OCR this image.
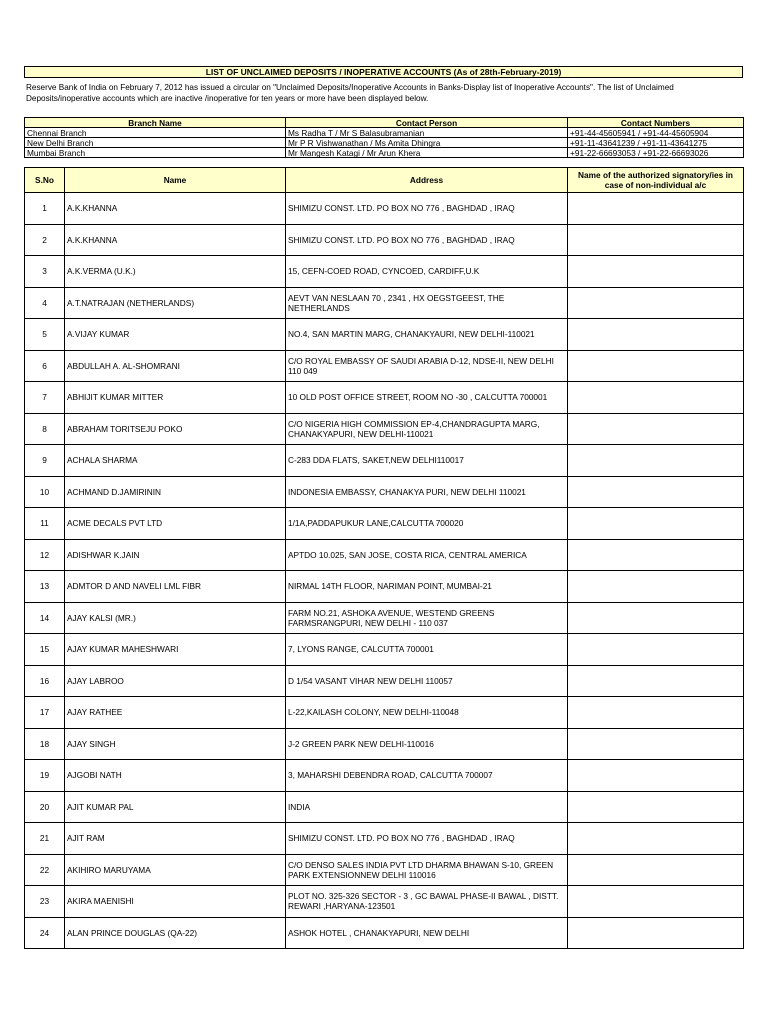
LIST OF UNCLAIMED DEPOSITS / INOPERATIVE ACCOUNTS (As of 28th-February-2019)
Reserve Bank of India on February 7, 2012 has issued a circular on "Unclaimed Deposits/Inoperative Accounts in Banks-Display list of Inoperative Accounts". The list of Unclaimed Deposits/inoperative accounts which are inactive /inoperative for ten years or more have been displayed below.
Branch Name	Contact Person	Contact Numbers
Chennai Branch	Ms Radha T / Mr S Balasubramanian	+91-44-45605941 / +91-44-45605904
New Delhi Branch	Mr P R Vishwanathan / Ms Amita Dhingra	+91-11-43641239 / +91-11-43641275
Mumbai Branch	Mr Mangesh Katagi / Mr Arun Khera	+91-22-66693053 / +91-22-66693026
S.No	Name	Address	Name of the authorized signatory/ies in case of non-individual a/c
1	A.K.KHANNA	SHIMIZU CONST. LTD. PO BOX NO 776 , BAGHDAD , IRAQ	
2	A.K.KHANNA	SHIMIZU CONST. LTD. PO BOX NO 776 , BAGHDAD , IRAQ	
3	A.K.VERMA (U.K.)	15, CEFN-COED ROAD, CYNCOED, CARDIFF,U.K	
4	A.T.NATRAJAN (NETHERLANDS)	AEVT VAN NESLAAN 70 , 2341 , HX OEGSTGEEST, THE NETHERLANDS	
5	A.VIJAY KUMAR	NO.4, SAN MARTIN MARG, CHANAKYAURI, NEW DELHI-110021	
6	ABDULLAH A. AL-SHOMRANI	C/O ROYAL EMBASSY OF SAUDI ARABIA D-12, NDSE-II, NEW DELHI 110 049	
7	ABHIJIT KUMAR MITTER	10 OLD POST OFFICE STREET, ROOM NO -30 , CALCUTTA 700001	
8	ABRAHAM TORITSEJU POKO	C/O NIGERIA HIGH COMMISSION EP-4,CHANDRAGUPTA MARG, CHANAKYAPURI, NEW DELHI-110021	
9	ACHALA SHARMA	C-283 DDA FLATS, SAKET,NEW DELHI110017	
10	ACHMAND D.JAMIRININ	INDONESIA EMBASSY, CHANAKYA PURI, NEW DELHI 110021	
11	ACME DECALS PVT LTD	1/1A,PADDAPUKUR LANE,CALCUTTA 700020	
12	ADISHWAR K.JAIN	APTDO 10.025, SAN JOSE, COSTA RICA, CENTRAL AMERICA	
13	ADMTOR D AND NAVELI LML FIBR	NIRMAL 14TH FLOOR, NARIMAN POINT, MUMBAI-21	
14	AJAY KALSI (MR.)	FARM NO.21, ASHOKA AVENUE, WESTEND GREENS FARMSRANGPURI, NEW DELHI - 110 037	
15	AJAY KUMAR MAHESHWARI	7, LYONS RANGE, CALCUTTA 700001	
16	AJAY LABROO	D 1/54 VASANT VIHAR NEW DELHI 110057	
17	AJAY RATHEE	L-22,KAILASH COLONY, NEW DELHI-110048	
18	AJAY SINGH	J-2 GREEN PARK NEW DELHI-110016	
19	AJGOBI NATH	3, MAHARSHI DEBENDRA ROAD, CALCUTTA 700007	
20	AJIT KUMAR PAL	INDIA	
21	AJIT RAM	SHIMIZU CONST. LTD. PO BOX NO 776 , BAGHDAD , IRAQ	
22	AKIHIRO MARUYAMA	C/O DENSO SALES INDIA PVT LTD DHARMA BHAWAN S-10, GREEN PARK EXTENSIONNEW DELHI 110016	
23	AKIRA MAENISHI	PLOT NO. 325-326 SECTOR - 3 , GC BAWAL PHASE-II BAWAL , DISTT. REWARI ,HARYANA-123501	
24	ALAN PRINCE DOUGLAS (QA-22)	ASHOK HOTEL , CHANAKYAPURI, NEW DELHI	
